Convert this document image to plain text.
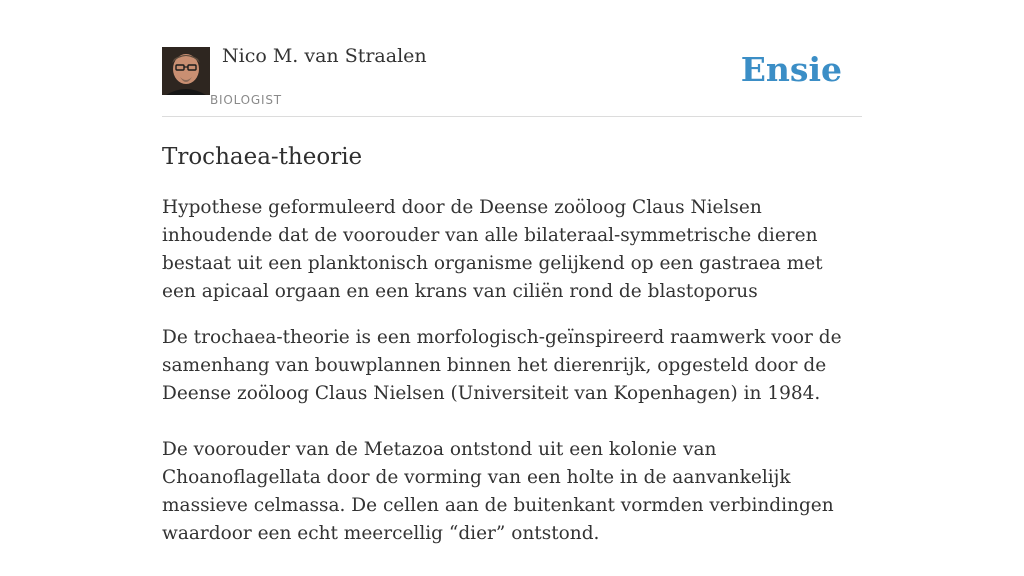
Nico M. van Straalen
BIOLOGIST
Ensie
Trochaea-theorie
Hypothese geformuleerd door de Deense zoöloog Claus Nielsen inhoudende dat de voorouder van alle bilateraal-symmetrische dieren bestaat uit een planktonisch organisme gelijkend op een gastraea met een apicaal orgaan en een krans van ciliën rond de blastoporus

De trochaea-theorie is een morfologisch-geïnspireerd raamwerk voor de samenhang van bouwplannen binnen het dierenrijk, opgesteld door de Deense zoöloog Claus Nielsen (Universiteit van Kopenhagen) in 1984.

De voorouder van de Metazoa ontstond uit een kolonie van Choanoflagellata door de vorming van een holte in de aanvankelijk massieve celmassa. De cellen aan de buitenkant vormden verbindingen waardoor een echt meercellig “dier” ontstond.
